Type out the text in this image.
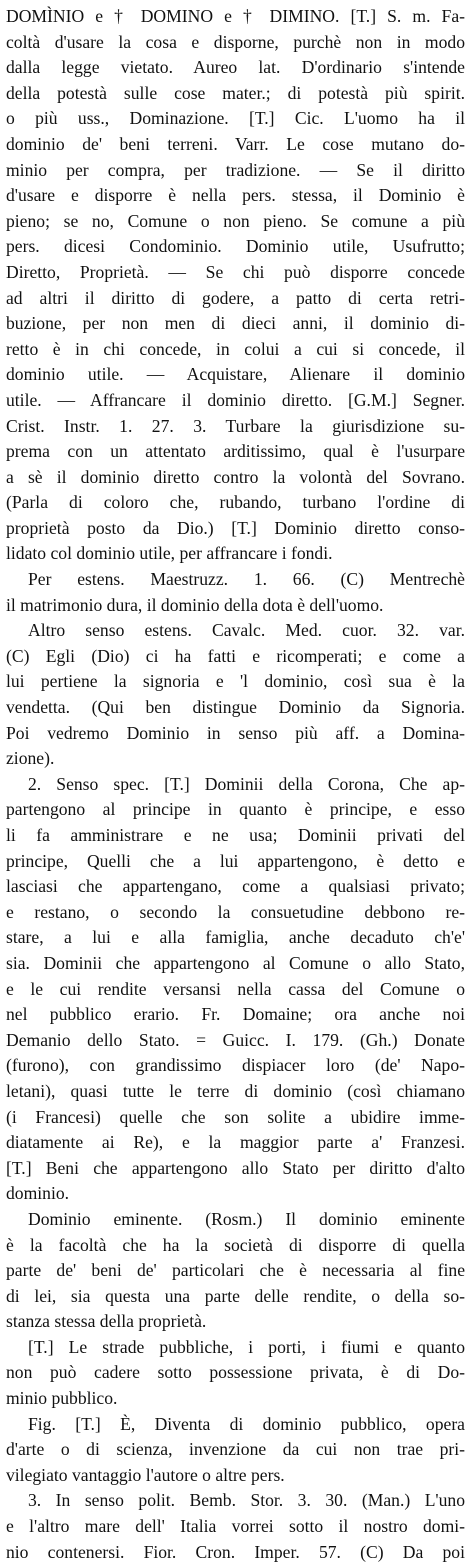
DOMÌNIO e † DOMINO e † DIMINO. [T.] S. m. Fa-
coltà d'usare la cosa e disporne, purchè non in modo
dalla legge vietato. Aureo lat. D'ordinario s'intende
della potestà sulle cose mater.; di potestà più spirit.
o più uss., Dominazione. [T.] Cic. L'uomo ha il
dominio de' beni terreni. Varr. Le cose mutano do-
minio per compra, per tradizione. — Se il diritto
d'usare e disporre è nella pers. stessa, il Dominio è
pieno; se no, Comune o non pieno. Se comune a più
pers. dicesi Condominio. Dominio utile, Usufrutto;
Diretto, Proprietà. — Se chi può disporre concede
ad altri il diritto di godere, a patto di certa retri-
buzione, per non men di dieci anni, il dominio di-
retto è in chi concede, in colui a cui si concede, il
dominio utile. — Acquistare, Alienare il dominio
utile. — Affrancare il dominio diretto. [G.M.] Segner.
Crist. Instr. 1. 27. 3. Turbare la giurisdizione su-
prema con un attentato arditissimo, qual è l'usurpare
a sè il dominio diretto contro la volontà del Sovrano.
(Parla di coloro che, rubando, turbano l'ordine di
proprietà posto da Dio.) [T.] Dominio diretto conso-
lidato col dominio utile, per affrancare i fondi.
Per estens. Maestruzz. 1. 66. (C) Mentrechè
il matrimonio dura, il dominio della dota è dell'uomo.
Altro senso estens. Cavalc. Med. cuor. 32. var.
(C) Egli (Dio) ci ha fatti e ricomperati; e come a
lui pertiene la signoria e 'l dominio, così sua è la
vendetta. (Qui ben distingue Dominio da Signoria.
Poi vedremo Dominio in senso più aff. a Domina-
zione).
2. Senso spec. [T.] Dominii della Corona, Che ap-
partengono al principe in quanto è principe, e esso
li fa amministrare e ne usa; Dominii privati del
principe, Quelli che a lui appartengono, è detto e
lasciasi che appartengano, come a qualsiasi privato;
e restano, o secondo la consuetudine debbono re-
stare, a lui e alla famiglia, anche decaduto ch'e'
sia. Dominii che appartengono al Comune o allo Stato,
e le cui rendite versansi nella cassa del Comune o
nel pubblico erario. Fr. Domaine; ora anche noi
Demanio dello Stato. = Guicc. I. 179. (Gh.) Donate
(furono), con grandissimo dispiacer loro (de' Napo-
letani), quasi tutte le terre di dominio (così chiamano
(i Francesi) quelle che son solite a ubidire imme-
diatamente ai Re), e la maggior parte a' Franzesi.
[T.] Beni che appartengono allo Stato per diritto d'alto
dominio.
Dominio eminente. (Rosm.) Il dominio eminente
è la facoltà che ha la società di disporre di quella
parte de' beni de' particolari che è necessaria al fine
di lei, sia questa una parte delle rendite, o della so-
stanza stessa della proprietà.
[T.] Le strade pubbliche, i porti, i fiumi e quanto
non può cadere sotto possessione privata, è di Do-
minio pubblico.
Fig. [T.] È, Diventa di dominio pubblico, opera
d'arte o di scienza, invenzione da cui non trae pri-
vilegiato vantaggio l'autore o altre pers.
3. In senso polit. Bemb. Stor. 3. 30. (Man.) L'uno
e l'altro mare dell' Italia vorrei sotto il nostro domi-
nio contenersi. Fior. Cron. Imper. 57. (C) Da poi
